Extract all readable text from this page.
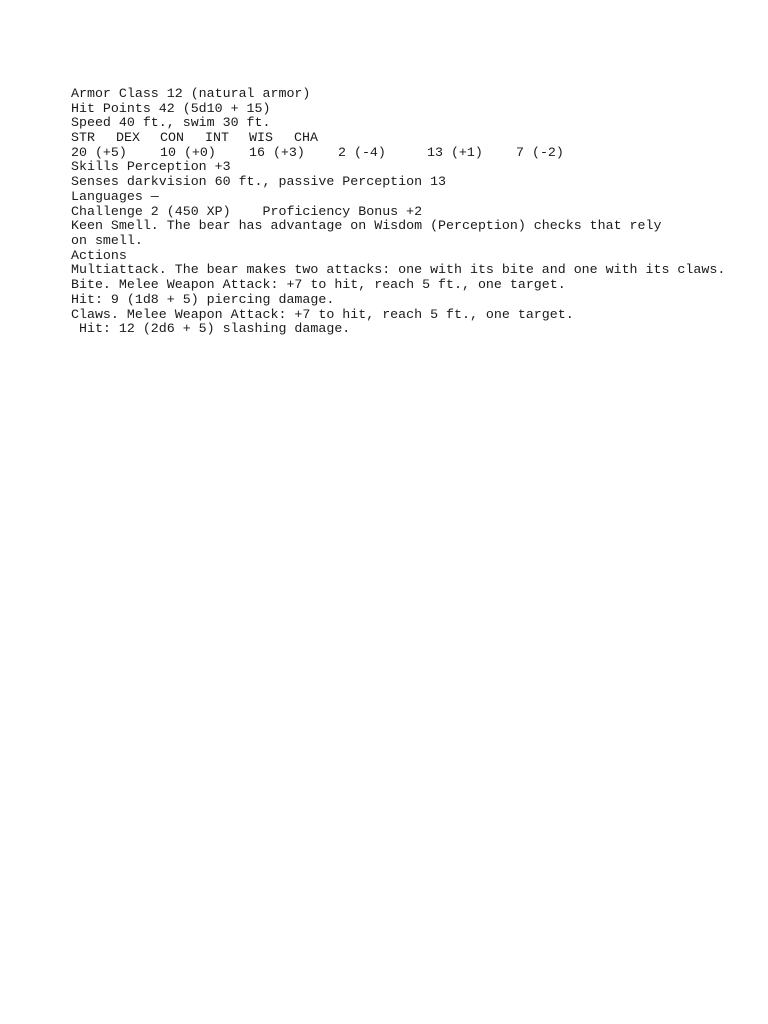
Armor Class 12 (natural armor)
Hit Points 42 (5d10 + 15)
Speed 40 ft., swim 30 ft.
STR DEX CON INT WIS CHA
20 (+5) 10 (+0) 16 (+3) 2 (-4)	13 (+1) 7 (-2)
Skills Perception +3
Senses darkvision 60 ft., passive Perception 13
Languages —
Challenge 2 (450 XP)    Proficiency Bonus +2
Keen Smell. The bear has advantage on Wisdom (Perception) checks that rely on smell.
Actions
Multiattack. The bear makes two attacks: one with its bite and one with its claws.
Bite. Melee Weapon Attack: +7 to hit, reach 5 ft., one target.
Hit: 9 (1d8 + 5) piercing damage.
Claws. Melee Weapon Attack: +7 to hit, reach 5 ft., one target.
Hit: 12 (2d6 + 5) slashing damage.
